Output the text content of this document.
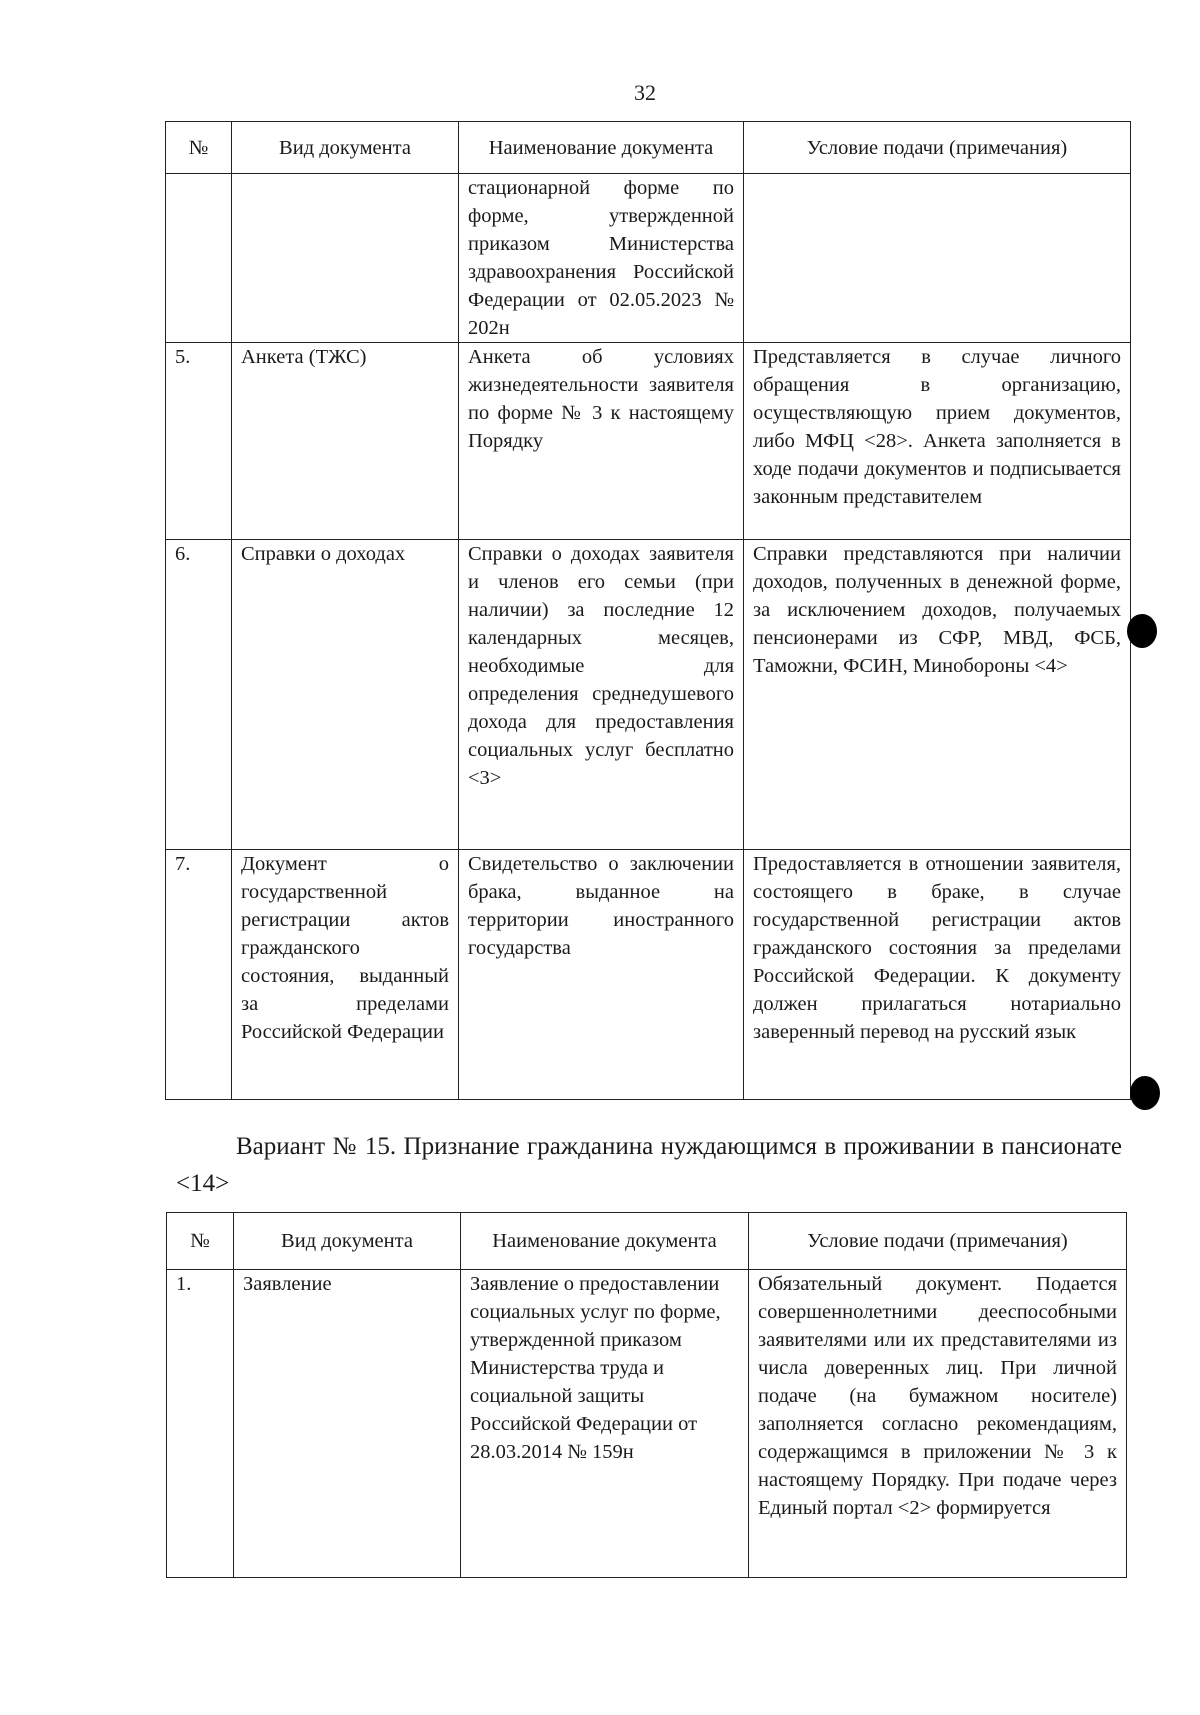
32
№	Вид документа	Наименование документа	Условие подачи (примечания)
		стационарной форме по форме, утвержденной приказом Министерства здравоохранения Российской Федерации от 02.05.2023 № 202н	
5.	Анкета (ТЖС)	Анкета об условиях жизнедеятельности заявителя по форме № 3 к настоящему Порядку	Представляется в случае личного обращения в организацию, осуществляющую прием документов, либо МФЦ <28>. Анкета заполняется в ходе подачи документов и подписывается законным представителем
6.	Справки о доходах	Справки о доходах заявителя и членов его семьи (при наличии) за последние 12 календарных месяцев, необходимые для определения среднедушевого дохода для предоставления социальных услуг бесплатно <3>	Справки представляются при наличии доходов, полученных в денежной форме, за исключением доходов, получаемых пенсионерами из СФР, МВД, ФСБ, Таможни, ФСИН, Минобороны <4>
7.	Документ о государственной регистрации актов гражданского состояния, выданный за пределами Российской Федерации	Свидетельство о заключении брака, выданное на территории иностранного государства	Предоставляется в отношении заявителя, состоящего в браке, в случае государственной регистрации актов гражданского состояния за пределами Российской Федерации. К документу должен прилагаться нотариально заверенный перевод на русский язык
Вариант № 15. Признание гражданина нуждающимся в проживании в пансионате <14>
№	Вид документа	Наименование документа	Условие подачи (примечания)
1.	Заявление	Заявление о предоставлении социальных услуг по форме, утвержденной приказом Министерства труда и социальной защиты Российской Федерации от 28.03.2014 № 159н	Обязательный документ. Подается совершеннолетними дееспособными заявителями или их представителями из числа доверенных лиц. При личной подаче (на бумажном носителе) заполняется согласно рекомендациям, содержащимся в приложении № 3 к настоящему Порядку. При подаче через Единый портал <2> формируется
